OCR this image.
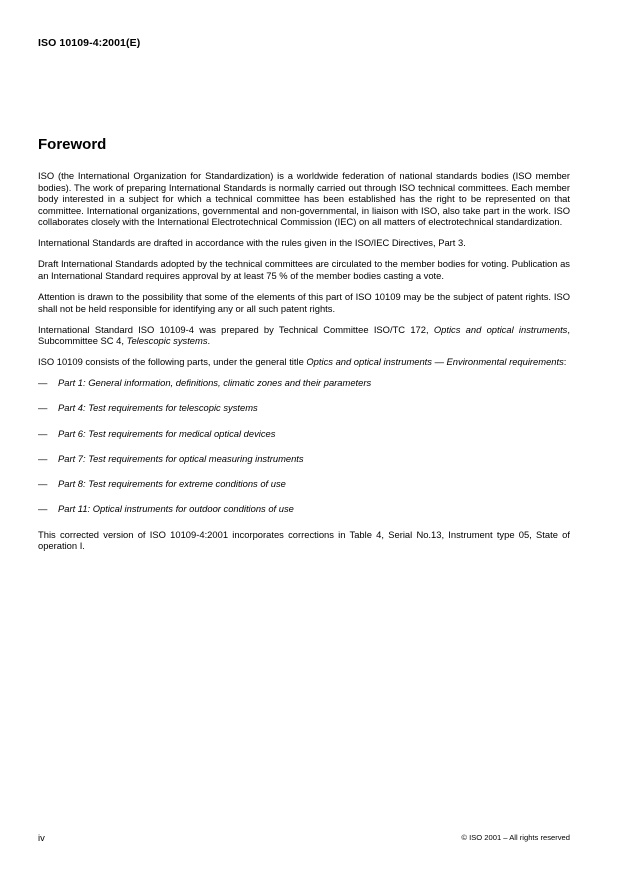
ISO 10109-4:2001(E)
Foreword

ISO (the International Organization for Standardization) is a worldwide federation of national standards bodies (ISO member bodies). The work of preparing International Standards is normally carried out through ISO technical committees. Each member body interested in a subject for which a technical committee has been established has the right to be represented on that committee. International organizations, governmental and non-governmental, in liaison with ISO, also take part in the work. ISO collaborates closely with the International Electrotechnical Commission (IEC) on all matters of electrotechnical standardization.

International Standards are drafted in accordance with the rules given in the ISO/IEC Directives, Part 3.

Draft International Standards adopted by the technical committees are circulated to the member bodies for voting. Publication as an International Standard requires approval by at least 75 % of the member bodies casting a vote.

Attention is drawn to the possibility that some of the elements of this part of ISO 10109 may be the subject of patent rights. ISO shall not be held responsible for identifying any or all such patent rights.

International Standard ISO 10109-4 was prepared by Technical Committee ISO/TC 172, Optics and optical instruments, Subcommittee SC 4, Telescopic systems.

ISO 10109 consists of the following parts, under the general title Optics and optical instruments — Environmental requirements:

— Part 1: General information, definitions, climatic zones and their parameters
— Part 4: Test requirements for telescopic systems
— Part 6: Test requirements for medical optical devices
— Part 7: Test requirements for optical measuring instruments
— Part 8: Test requirements for extreme conditions of use
— Part 11: Optical instruments for outdoor conditions of use

This corrected version of ISO 10109-4:2001 incorporates corrections in Table 4, Serial No.13, Instrument type 05, State of operation I.

iv	© ISO 2001 – All rights reserved
